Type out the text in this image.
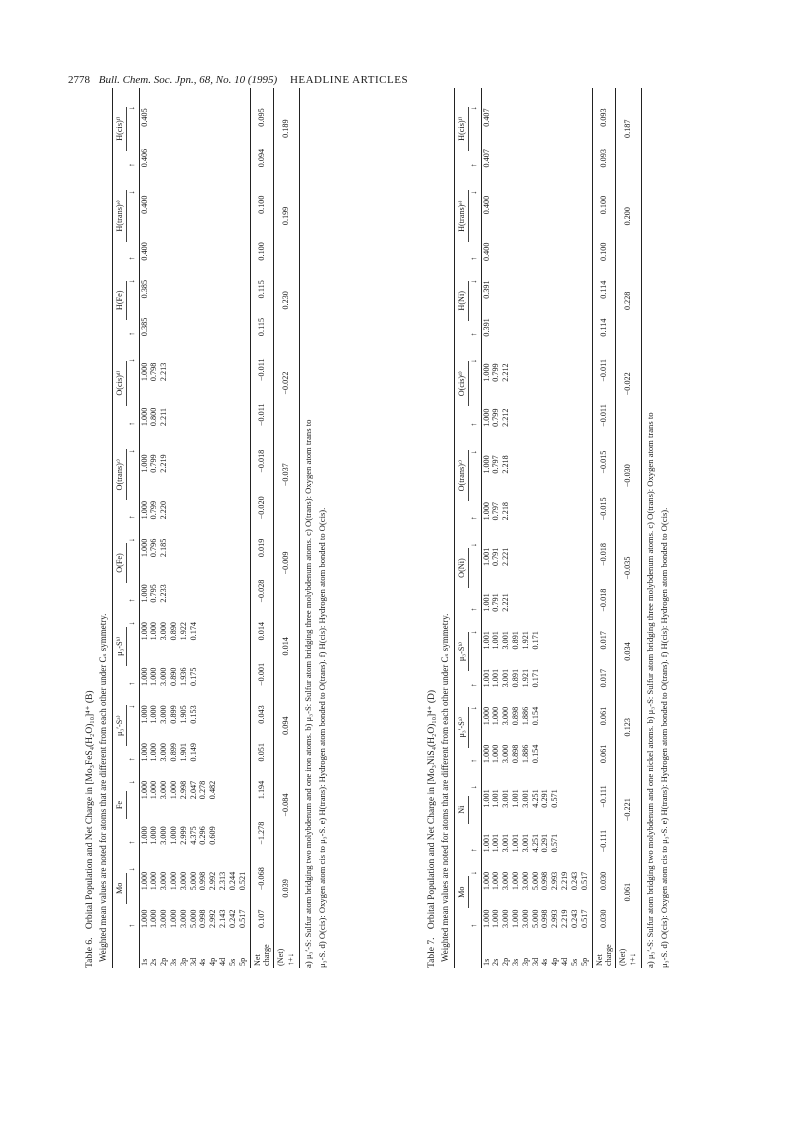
2778 Bull. Chem. Soc. Jpn., 68, No. 10 (1995) HEADLINE ARTICLES
Table 6. Orbital Population and Net Charge in [Mo₃FeS₄(H₂O)₁₀]⁴⁺ (B) Weighted mean values are noted for atoms that are different from each other under Cₛ symmetry.
	Mo		Fe		μ₃′-Sᵃ⁾		μ₃-Sᵇ⁾		O(Fe)		O(trans)ᶜ⁾		O(cis)ᵈ⁾		H(Fe)		H(trans)ᵉ⁾		H(cis)ᶠ⁾	
	↑	↓	↑	↓	↑	↓	↑	↓	↑	↓	↑	↓	↑	↓	↑	↓	↑	↓	↑	↓
1s	1.000	1.000	1.000	1.000	1.000	1.000	1.000	1.000	1.000	1.000	1.000	1.000	1.000	1.000	0.385	0.385	0.400	0.400	0.406	0.405
2s	1.000	1.000	1.000	1.000	1.000	1.000	1.000	1.000	0.795	0.796	0.799	0.799	0.800	0.798						
2p	3.000	3.000	3.000	3.000	3.000	3.000	3.000	3.000	2.233	2.185	2.220	2.219	2.211	2.213						
3s	1.000	1.000	1.000	1.000	0.899	0.899	0.890	0.890												
3p	3.000	3.000	2.999	2.998	1.901	1.905	1.936	1.922												
3d	5.000	5.000	4.375	2.047	0.149	0.153	0.175	0.174												
4s	0.998	0.998	0.296	0.278																
4p	2.992	2.992	0.609	0.482																
4d	2.143	2.313																		
5s	0.242	0.244																		
5p	0.517	0.521																		

Net charge	0.107	−0.068	−1.278	1.194	0.051	0.043	−0.001	0.014	−0.028	0.019	−0.020	−0.018	−0.011	−0.011	0.115	0.115	0.100	0.100	0.094	0.095

(Net) ↑+↓	0.039		−0.084		0.094		0.014		−0.009		−0.037		−0.022		0.230		0.199		0.189	
a) μ₃′-S: Sulfur atom bridging two molybdenum and one iron atoms. b) μ₃-S: Sulfur atom bridging three molybdenum atoms. c) O(trans): Oxygen atom trans to μ₃-S. d) O(cis): Oxygen atom cis to μ₃-S. e) H(trans): Hydrogen atom bonded to O(trans). f) H(cis): Hydrogen atom bonded to O(cis).	Table 7. Orbital Population and Net Charge in [Mo₃NiS₄(H₂O)₁₀]⁴⁺ (D) Weighted mean values are noted for atoms that are different from each other under Cₛ symmetry.
	Mo		Ni		μ₃′-Sᵃ⁾		μ₃-Sᵇ⁾		O(Ni)		O(trans)ᶜ⁾		O(cis)ᵈ⁾		H(Ni)		H(trans)ᵉ⁾		H(cis)ᶠ⁾	
	↑	↓	↑	↓	↑	↓	↑	↓	↑	↓	↑	↓	↑	↓	↑	↓	↑	↓	↑	↓
1s	1.000	1.000	1.001	1.001	1.000	1.000	1.001	1.001	1.001	1.001	1.000	1.000	1.000	1.000	0.391	0.391	0.400	0.400	0.407	0.407
2s	1.000	1.000	1.001	1.001	1.000	1.000	1.001	1.001	0.791	0.791	0.797	0.797	0.799	0.799						
2p	3.000	3.000	3.001	3.001	3.000	3.000	3.001	3.001	2.221	2.221	2.218	2.218	2.212	2.212						
3s	1.000	1.000	1.001	1.001	0.898	0.898	0.891	0.891												
3p	3.000	3.000	3.001	3.001	1.886	1.886	1.921	1.921												
3d	5.000	5.000	4.251	4.251	0.154	0.154	0.171	0.171												
4s	0.998	0.998	0.291	0.291																
4p	2.993	2.993	0.571	0.571																
4d	2.219	2.219																		
5s	0.243	0.243																		
5p	0.517	0.517																		

Net charge	0.030	0.030	−0.111	−0.111	0.061	0.061	0.017	0.017	−0.018	−0.018	−0.015	−0.015	−0.011	−0.011	0.114	0.114	0.100	0.100	0.093	0.093

(Net) ↑+↓	0.061		−0.221		0.123		0.034		−0.035		−0.030		−0.022		0.228		0.200		0.187	
a) μ₃′-S: Sulfur atom bridging two molybdenum and one nickel atoms. b) μ₃-S: Sulfur atom bridging three molybdenum atoms. c) O(trans): Oxygen atom trans to μ₃-S. d) O(cis): Oxygen atom cis to μ₃-S. e) H(trans): Hydrogen atom bonded to O(trans). f) H(cis): Hydrogen atom bonded to O(cis).
